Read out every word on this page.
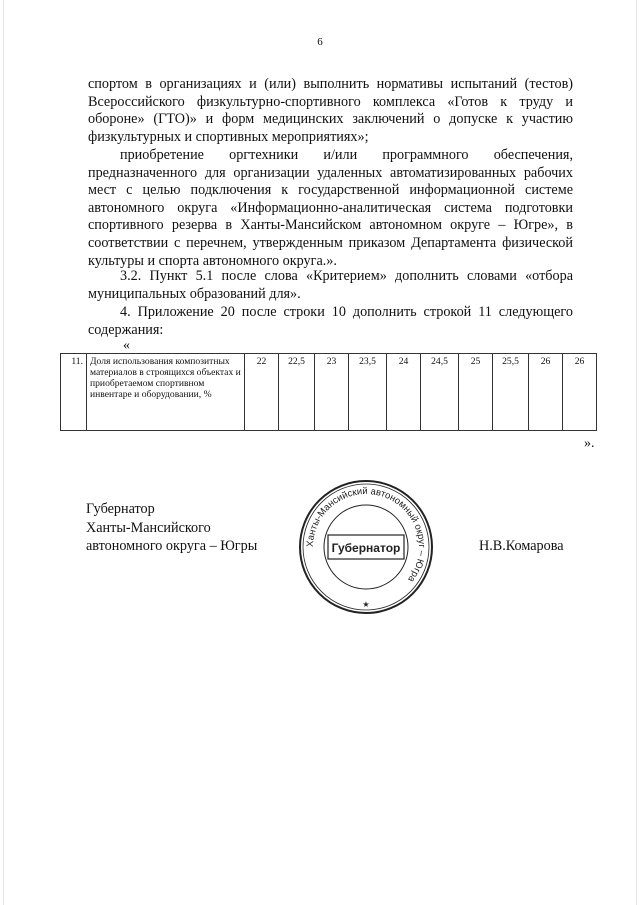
6

спортом в организациях и (или) выполнить нормативы испытаний (тестов) Всероссийского физкультурно-спортивного комплекса «Готов к труду и обороне» (ГТО)» и форм медицинских заключений о допуске к участию физкультурных и спортивных мероприятиях»;

приобретение оргтехники и/или программного обеспечения, предназначенного для организации удаленных автоматизированных рабочих мест с целью подключения к государственной информационной системе автономного округа «Информационно-аналитическая система подготовки спортивного резерва в Ханты-Мансийском автономном округе – Югре», в соответствии с перечнем, утвержденным приказом Департамента физической культуры и спорта автономного округа.».

3.2. Пункт 5.1 после слова «Критерием» дополнить словами «отбора муниципальных образований для».

4. Приложение 20 после строки 10 дополнить строкой 11 следующего содержания:

«
11.	Доля использования композитных материалов в строящихся объектах и приобретаемом спортивном инвентаре и оборудовании, %	22	22,5	23	23,5	24	24,5	25	25,5	26	26
».
Губернатор
Ханты-Мансийского
автономного округа – Югры	Ханты-Мансийский автономный округ – Югра
Губернатор
★
Н.В.Комарова
